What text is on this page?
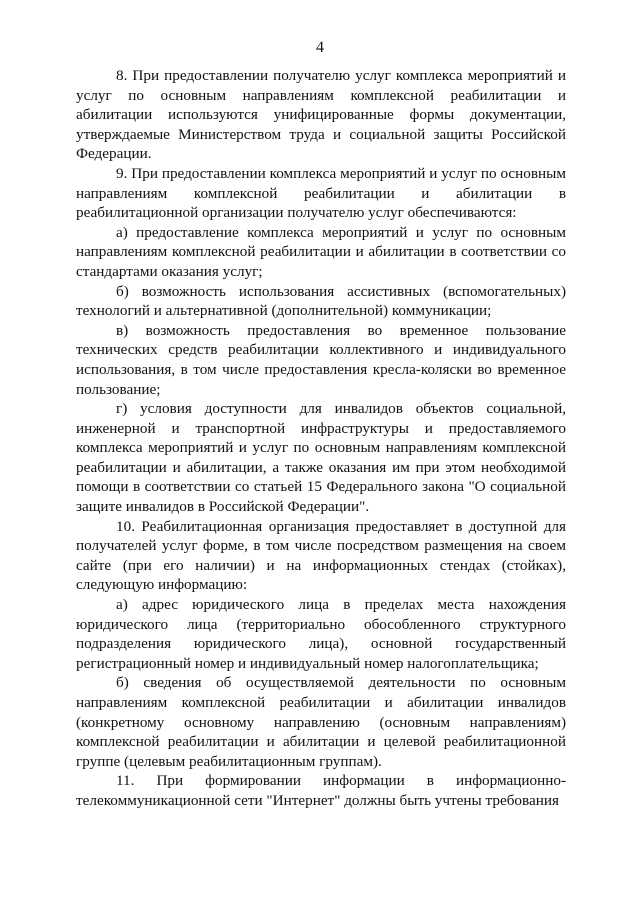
4

8. При предоставлении получателю услуг комплекса мероприятий и услуг по основным направлениям комплексной реабилитации и абилитации используются унифицированные формы документации, утверждаемые Министерством труда и социальной защиты Российской Федерации.

9. При предоставлении комплекса мероприятий и услуг по основным направлениям комплексной реабилитации и абилитации в реабилитационной организации получателю услуг обеспечиваются:

а) предоставление комплекса мероприятий и услуг по основным направлениям комплексной реабилитации и абилитации в соответствии со стандартами оказания услуг;

б) возможность использования ассистивных (вспомогательных) технологий и альтернативной (дополнительной) коммуникации;

в) возможность предоставления во временное пользование технических средств реабилитации коллективного и индивидуального использования, в том числе предоставления кресла-коляски во временное пользование;

г) условия доступности для инвалидов объектов социальной, инженерной и транспортной инфраструктуры и предоставляемого комплекса мероприятий и услуг по основным направлениям комплексной реабилитации и абилитации, а также оказания им при этом необходимой помощи в соответствии со статьей 15 Федерального закона "О социальной защите инвалидов в Российской Федерации".

10. Реабилитационная организация предоставляет в доступной для получателей услуг форме, в том числе посредством размещения на своем сайте (при его наличии) и на информационных стендах (стойках), следующую информацию:

а) адрес юридического лица в пределах места нахождения юридического лица (территориально обособленного структурного подразделения юридического лица), основной государственный регистрационный номер и индивидуальный номер налогоплательщика;

б) сведения об осуществляемой деятельности по основным направлениям комплексной реабилитации и абилитации инвалидов (конкретному основному направлению (основным направлениям) комплексной реабилитации и абилитации и целевой реабилитационной группе (целевым реабилитационным группам).

11. При формировании информации в информационно-телекоммуникационной сети "Интернет" должны быть учтены требования
